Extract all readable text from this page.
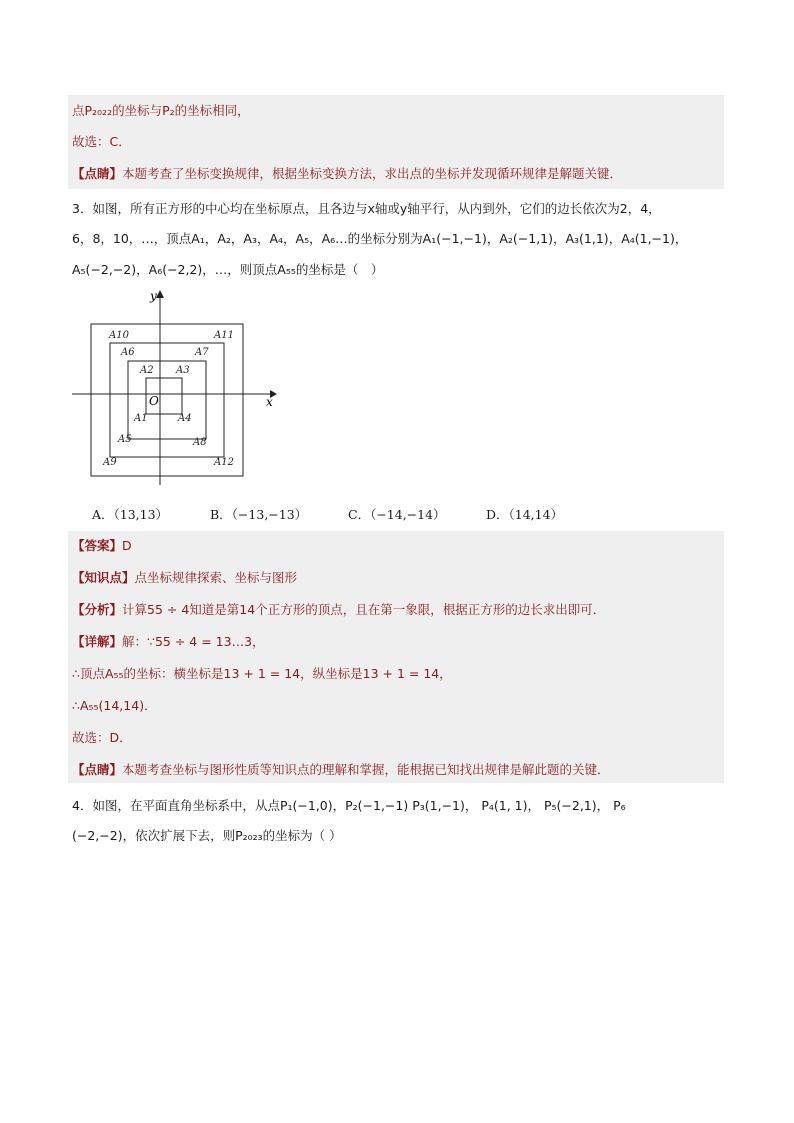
点P₂₀₂₂的坐标与P₂的坐标相同，
故选：C．
【点睛】本题考查了坐标变换规律，根据坐标变换方法，求出点的坐标并发现循环规律是解题关键．
3．如图，所有正方形的中心均在坐标原点，且各边与x轴或y轴平行，从内到外，它们的边长依次为2，4，
6，8，10，…，顶点A₁，A₂，A₃，A₄，A₅，A₆…的坐标分别为A₁(−1,−1)，A₂(−1,1)，A₃(1,1)，A₄(1,−1)，
A₅(−2,−2)，A₆(−2,2)，…，则顶点A₅₅的坐标是（　）
y
x
O
A1
A2 A3
A4
A5
A6	A7
A8
A9
A10	A11
A12
A．（13,13）	B．（−13,−13）	C．（−14,−14）	D．（14,14）
【答案】D
【知识点】点坐标规律探索、坐标与图形
【分析】计算55 ÷ 4知道是第14个正方形的顶点，且在第一象限，根据正方形的边长求出即可．
【详解】解：∵55 ÷ 4 = 13…3，
∴顶点A₅₅的坐标：横坐标是13 + 1 = 14，纵坐标是13 + 1 = 14，
∴A₅₅(14,14)．
故选：D．
【点睛】本题考查坐标与图形性质等知识点的理解和掌握，能根据已知找出规律是解此题的关键．
4．如图，在平面直角坐标系中，从点P₁(−1,0)，P₂(−1,−1) P₃(1,−1)， P₄(1, 1)， P₅(−2,1)， P₆
(−2,−2)，依次扩展下去，则P₂₀₂₃的坐标为（ ）
